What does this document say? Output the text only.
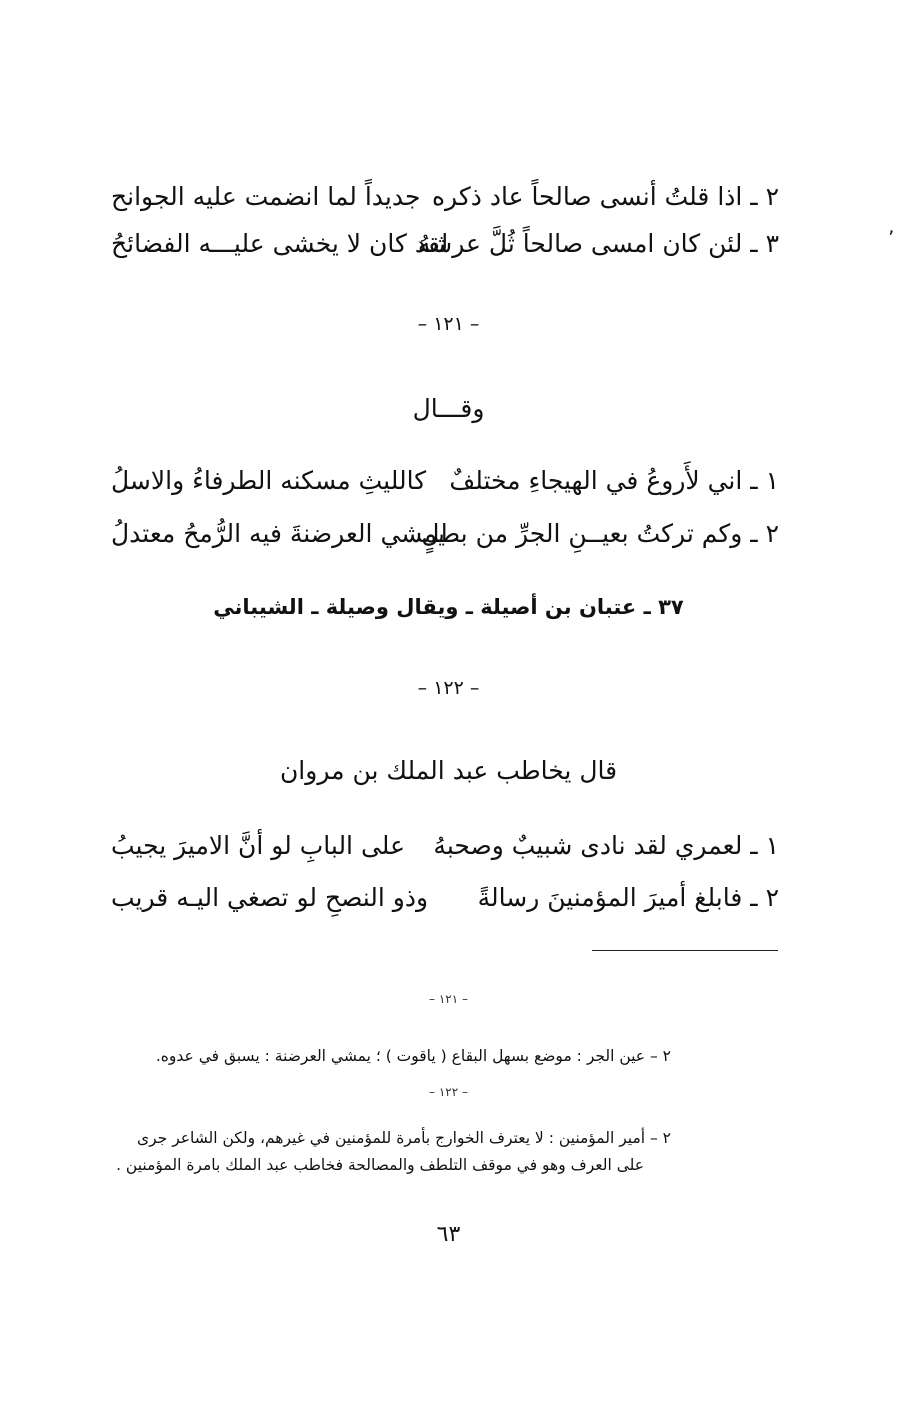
٢ ـ اذا قلتُ أنسى صالحاً عاد ذكره
جديداً لما انضمت عليه الجوانح
٣ ـ لئن كان امسى صالحاً ثُلَّ عرشهُ
لقد كان لا يخشى عليـــه الفضائحُ	٬
– ١٢١ –
وقـــال
١ ـ اني لأَروعُ في الهيجاءِ مختلفٌ
كالليثِ مسكنه الطرفاءُ والاسلُ
٢ ـ وكم تركتُ بعيــنِ الجرِّ من بطلٍ
يمشي العرضنةَ فيه الرُّمحُ معتدلُ
٣٧ ـ عتبان بن أصيلة ـ ويقال وصيلة ـ الشيباني
– ١٢٢ –
قال يخاطب عبد الملك بن مروان
١ ـ لعمري لقد نادى شبيبٌ وصحبهُ
على البابِ لو أنَّ الاميرَ يجيبُ
٢ ـ فابلغ أميرَ المؤمنينَ رسالةً
وذو النصحِ لو تصغي اليـه قريب
– ١٢١ –
٢ – عين الجر : موضع بسهل البقاع ( ياقوت ) ؛ يمشي العرضنة : يسبق في عدوه.
– ١٢٢ –
٢ – أمير المؤمنين : لا يعترف الخوارج بأمرة للمؤمنين في غيرهم، ولكن الشاعر جرى
على العرف وهو في موقف التلطف والمصالحة فخاطب عبد الملك بامرة المؤمنين .
٦٣
